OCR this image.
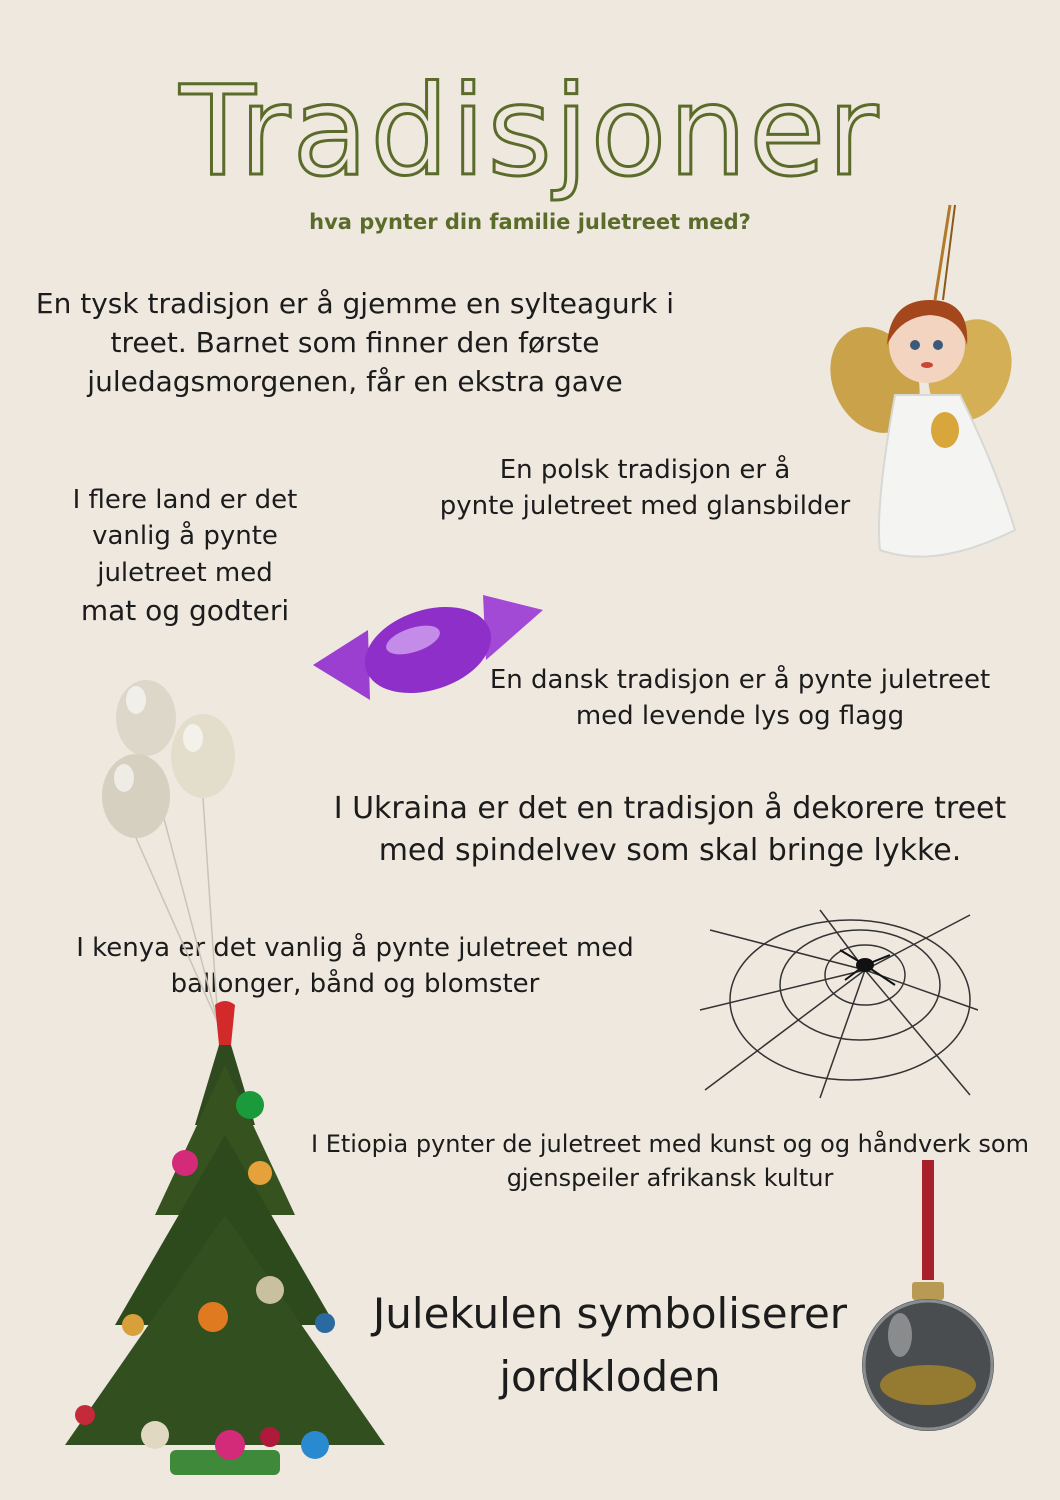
Tradisjoner
hva pynter din familie juletreet med?
En tysk tradisjon er å gjemme en sylteagurk i
treet. Barnet som finner den første
juledagsmorgenen, får en ekstra gave
En polsk tradisjon er å
pynte juletreet med glansbilder
I flere land er det
vanlig å pynte
juletreet med
mat og godteri
En dansk tradisjon er å pynte juletreet
med levende lys og flagg
I Ukraina er det en tradisjon å dekorere treet
med spindelvev som skal bringe lykke.
I kenya er det vanlig å pynte juletreet med
ballonger, bånd og blomster
I Etiopia pynter de juletreet med kunst og og håndverk som
gjenspeiler afrikansk kultur
Julekulen symboliserer
jordkloden
